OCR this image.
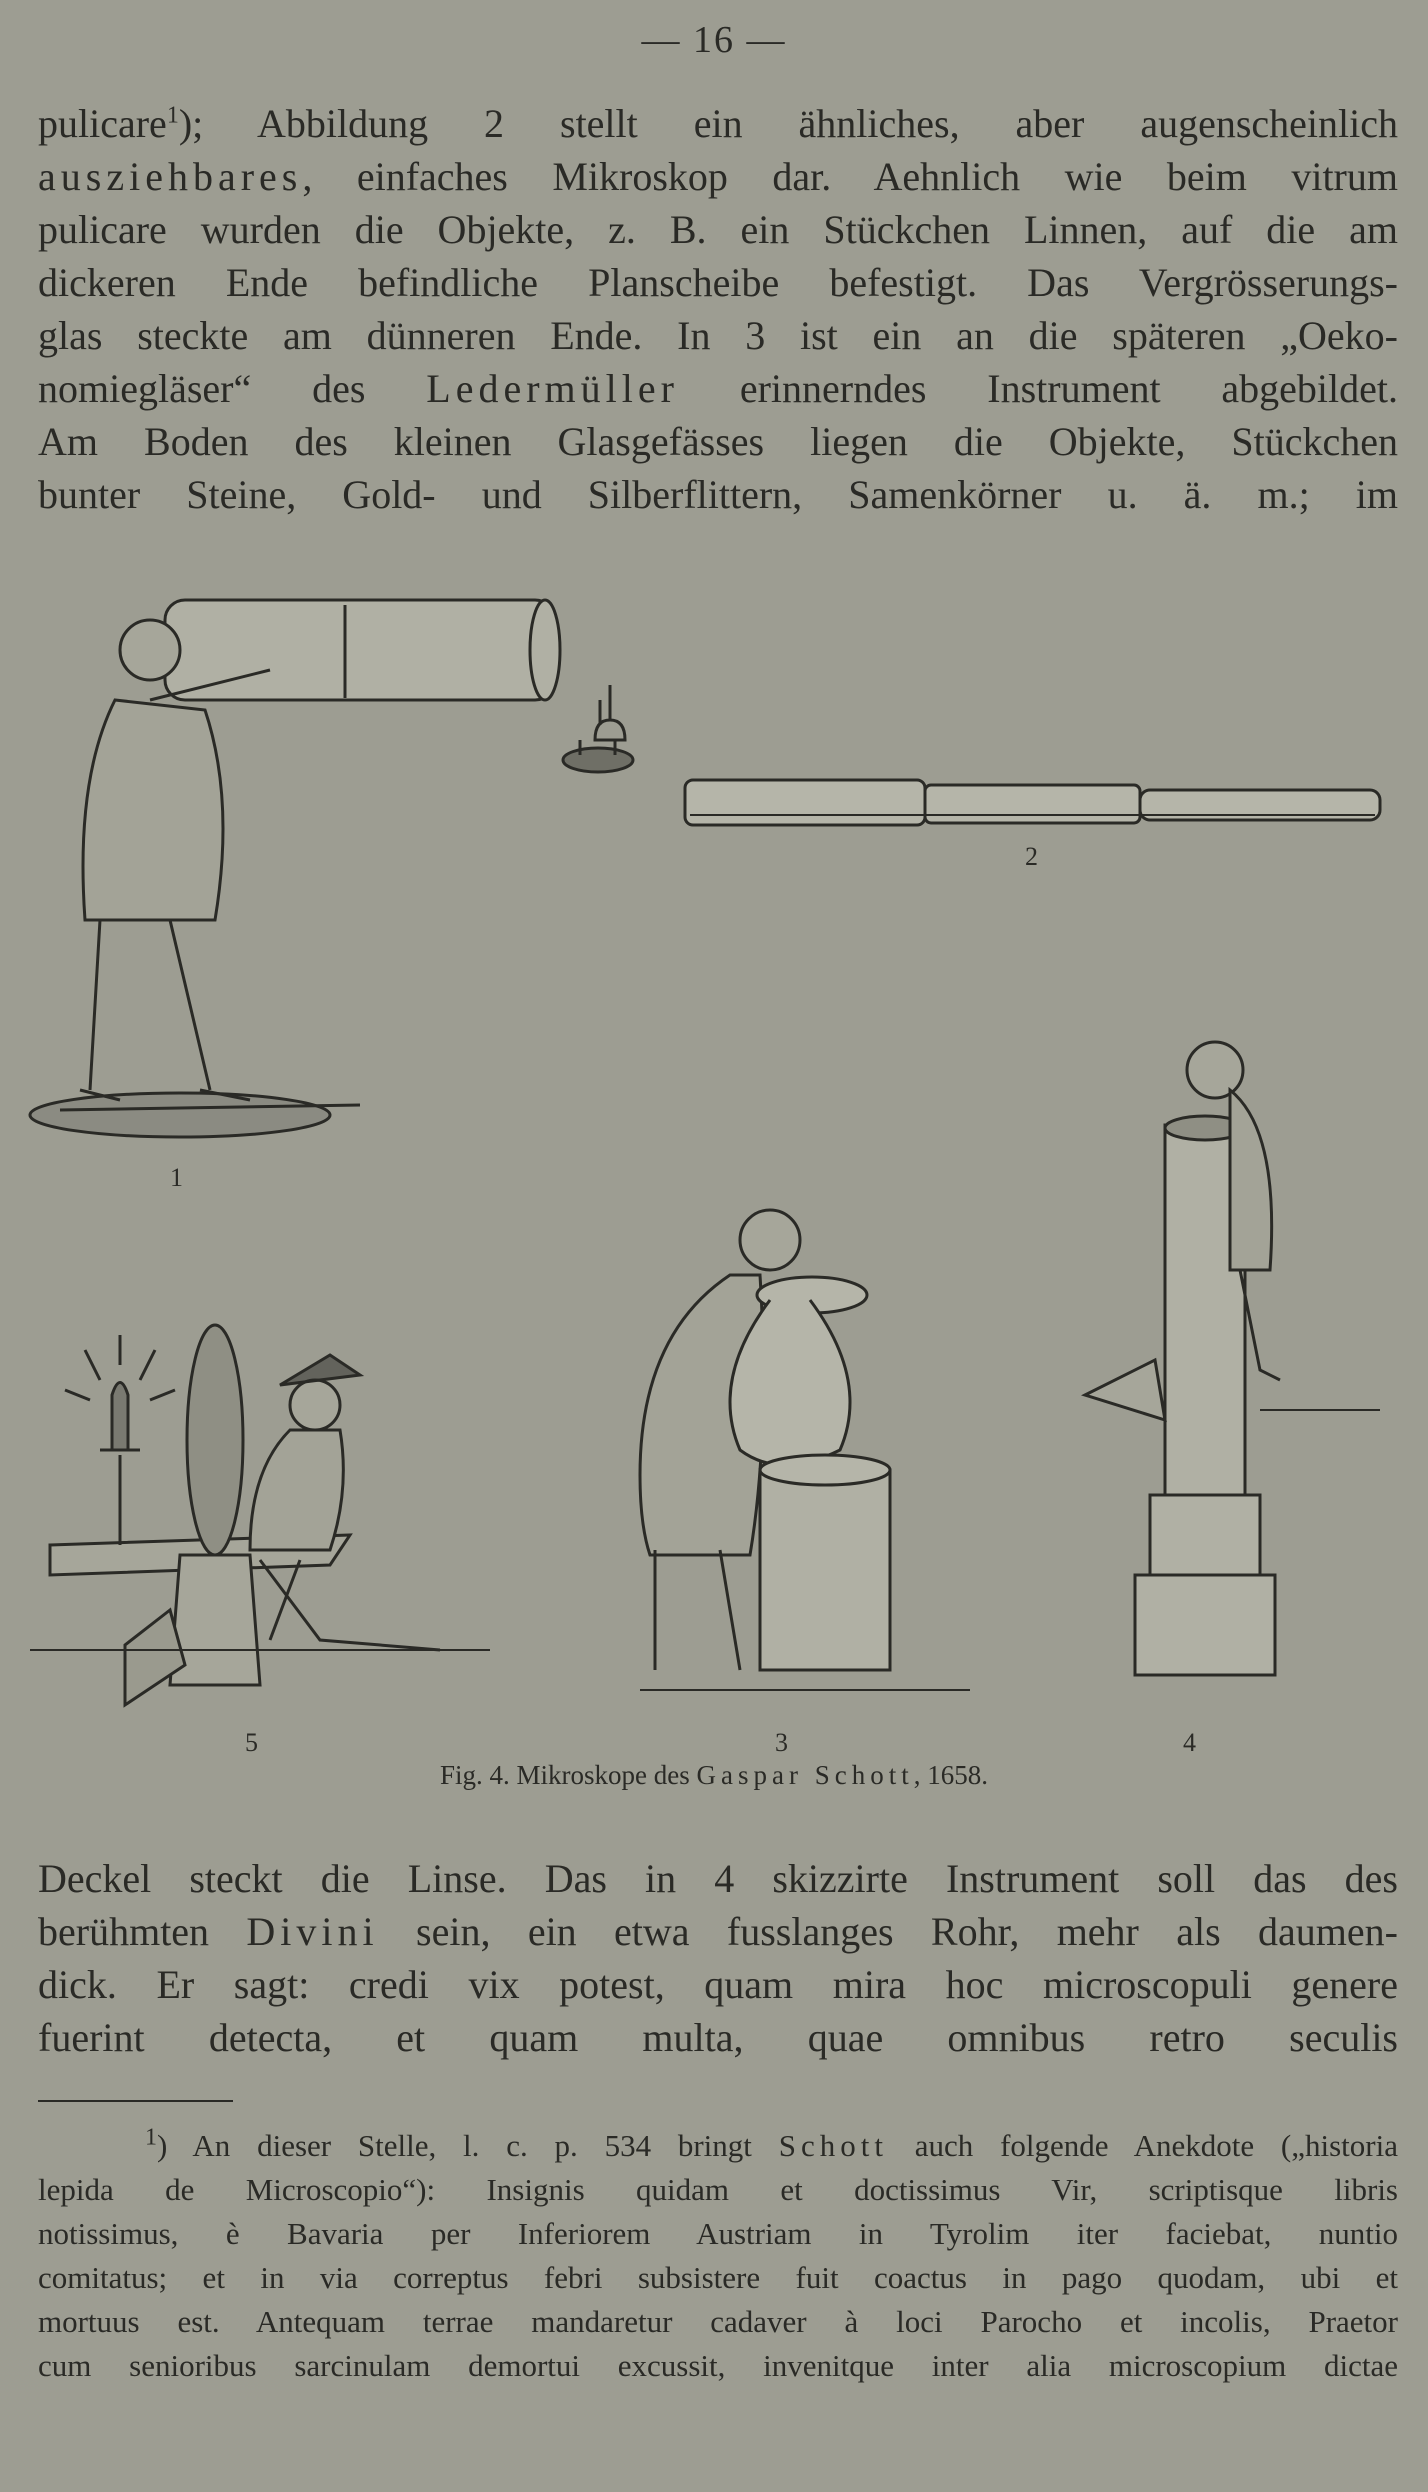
— 16 —
pulicare$^1$); Abbildung 2 stellt ein ähnliches, aber augenscheinlich
ausziehbares, einfaches Mikroskop dar. Aehnlich wie beim vitrum
pulicare wurden die Objekte, z. B. ein Stückchen Linnen, auf die am
dickeren Ende befindliche Planscheibe befestigt. Das Vergrösserungs-
glas steckte am dünneren Ende. In 3 ist ein an die späteren „Oeko-
nomiegläser“ des Ledermüller erinnerndes Instrument abgebildet.
Am Boden des kleinen Glasgefässes liegen die Objekte, Stückchen
bunter Steine, Gold- und Silberflittern, Samenkörner u. ä. m.; im
2
1
5	3	4
Fig. 4. Mikroskope des Gaspar Schott, 1658.
Deckel steckt die Linse. Das in 4 skizzirte Instrument soll das des
berühmten Divini sein, ein etwa fusslanges Rohr, mehr als daumen-
dick. Er sagt: credi vix potest, quam mira hoc microscopuli genere
fuerint detecta, et quam multa, quae omnibus retro seculis
$^1$) An dieser Stelle, l. c. p. 534 bringt Schott auch folgende Anekdote („historia
lepida de Microscopio“): Insignis quidam et doctissimus Vir, scriptisque libris
notissimus, è Bavaria per Inferiorem Austriam in Tyrolim iter faciebat, nuntio
comitatus; et in via correptus febri subsistere fuit coactus in pago quodam, ubi et
mortuus est. Antequam terrae mandaretur cadaver à loci Parocho et incolis, Praetor
cum senioribus sarcinulam demortui excussit, invenitque inter alia microscopium dictae
